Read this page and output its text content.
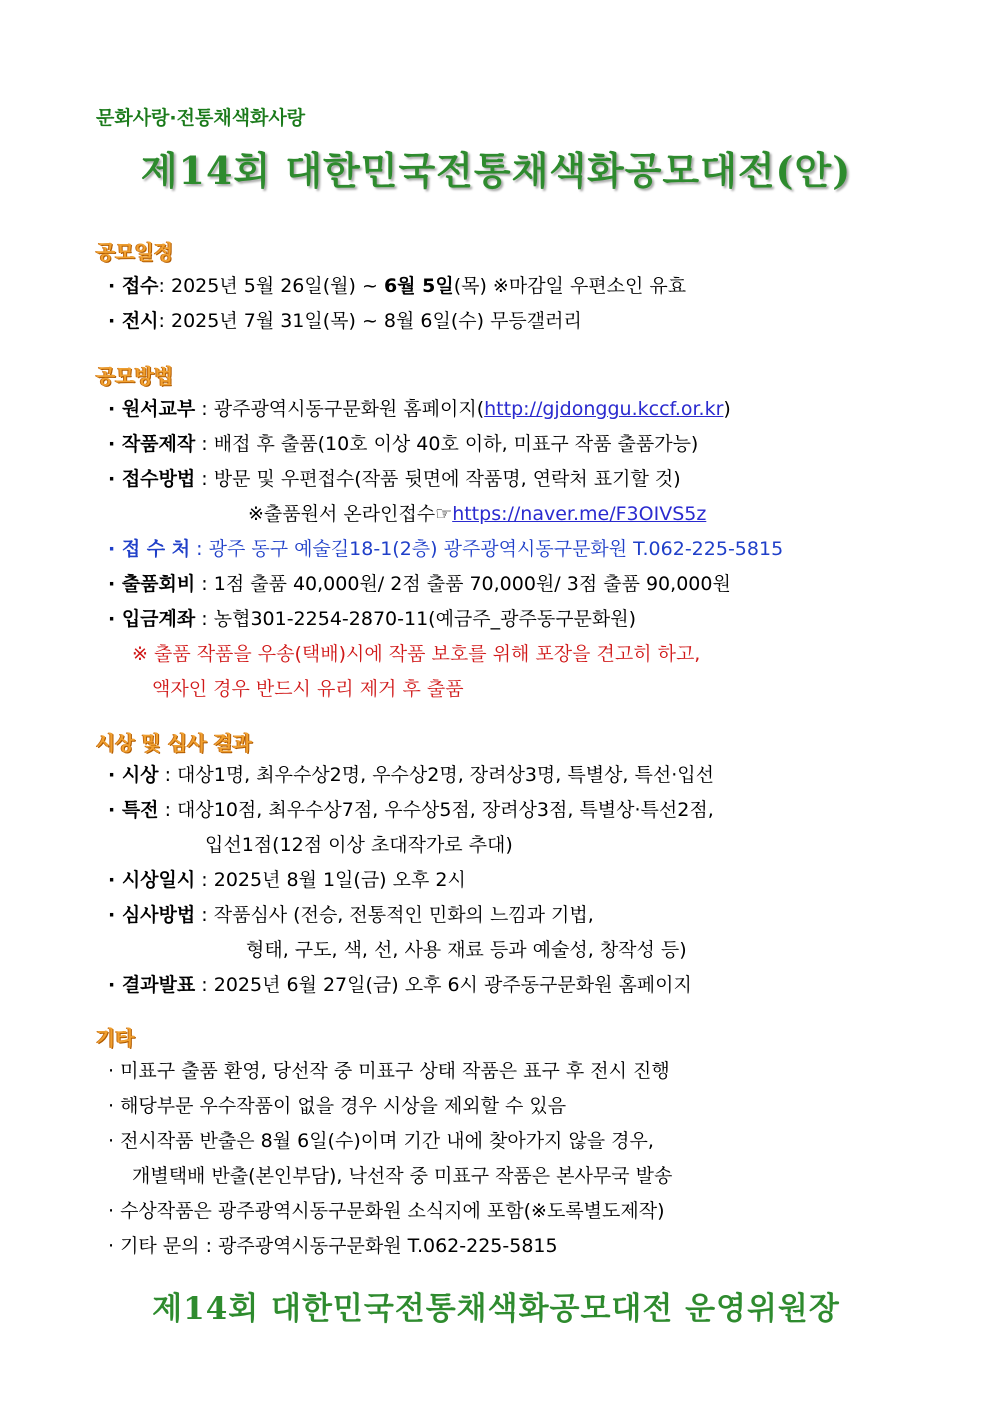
문화사랑·전통채색화사랑
제14회 대한민국전통채색화공모대전(안)
공모일정
· 접수: 2025년 5월 26일(월) ~ 6월 5일(목) ※마감일 우편소인 유효
· 전시: 2025년 7월 31일(목) ~ 8월 6일(수) 무등갤러리
공모방법
· 원서교부 : 광주광역시동구문화원 홈페이지(http://gjdonggu.kccf.or.kr)
· 작품제작 : 배접 후 출품(10호 이상 40호 이하, 미표구 작품 출품가능)
· 접수방법 : 방문 및 우편접수(작품 뒷면에 작품명, 연락처 표기할 것)
※출품원서 온라인접수☞https://naver.me/F3OIVS5z
· 접 수 처 : 광주 동구 예술길18-1(2층) 광주광역시동구문화원 T.062-225-5815
· 출품회비 : 1점 출품 40,000원/ 2점 출품 70,000원/ 3점 출품 90,000원
· 입금계좌 : 농협301-2254-2870-11(예금주_광주동구문화원)
※ 출품 작품을 우송(택배)시에 작품 보호를 위해 포장을 견고히 하고,
액자인 경우 반드시 유리 제거 후 출품
시상 및 심사 결과
· 시상 : 대상1명, 최우수상2명, 우수상2명, 장려상3명, 특별상, 특선·입선
· 특전 : 대상10점, 최우수상7점, 우수상5점, 장려상3점, 특별상·특선2점,
입선1점(12점 이상 초대작가로 추대)
· 시상일시 : 2025년 8월 1일(금) 오후 2시
· 심사방법 : 작품심사 (전승, 전통적인 민화의 느낌과 기법,
형태, 구도, 색, 선, 사용 재료 등과 예술성, 창작성 등)
· 결과발표 : 2025년 6월 27일(금) 오후 6시 광주동구문화원 홈페이지
기타
· 미표구 출품 환영, 당선작 중 미표구 상태 작품은 표구 후 전시 진행
· 해당부문 우수작품이 없을 경우 시상을 제외할 수 있음
· 전시작품 반출은 8월 6일(수)이며 기간 내에 찾아가지 않을 경우,
개별택배 반출(본인부담), 낙선작 중 미표구 작품은 본사무국 발송
· 수상작품은 광주광역시동구문화원 소식지에 포함(※도록별도제작)
· 기타 문의 : 광주광역시동구문화원 T.062-225-5815
제14회 대한민국전통채색화공모대전 운영위원장
